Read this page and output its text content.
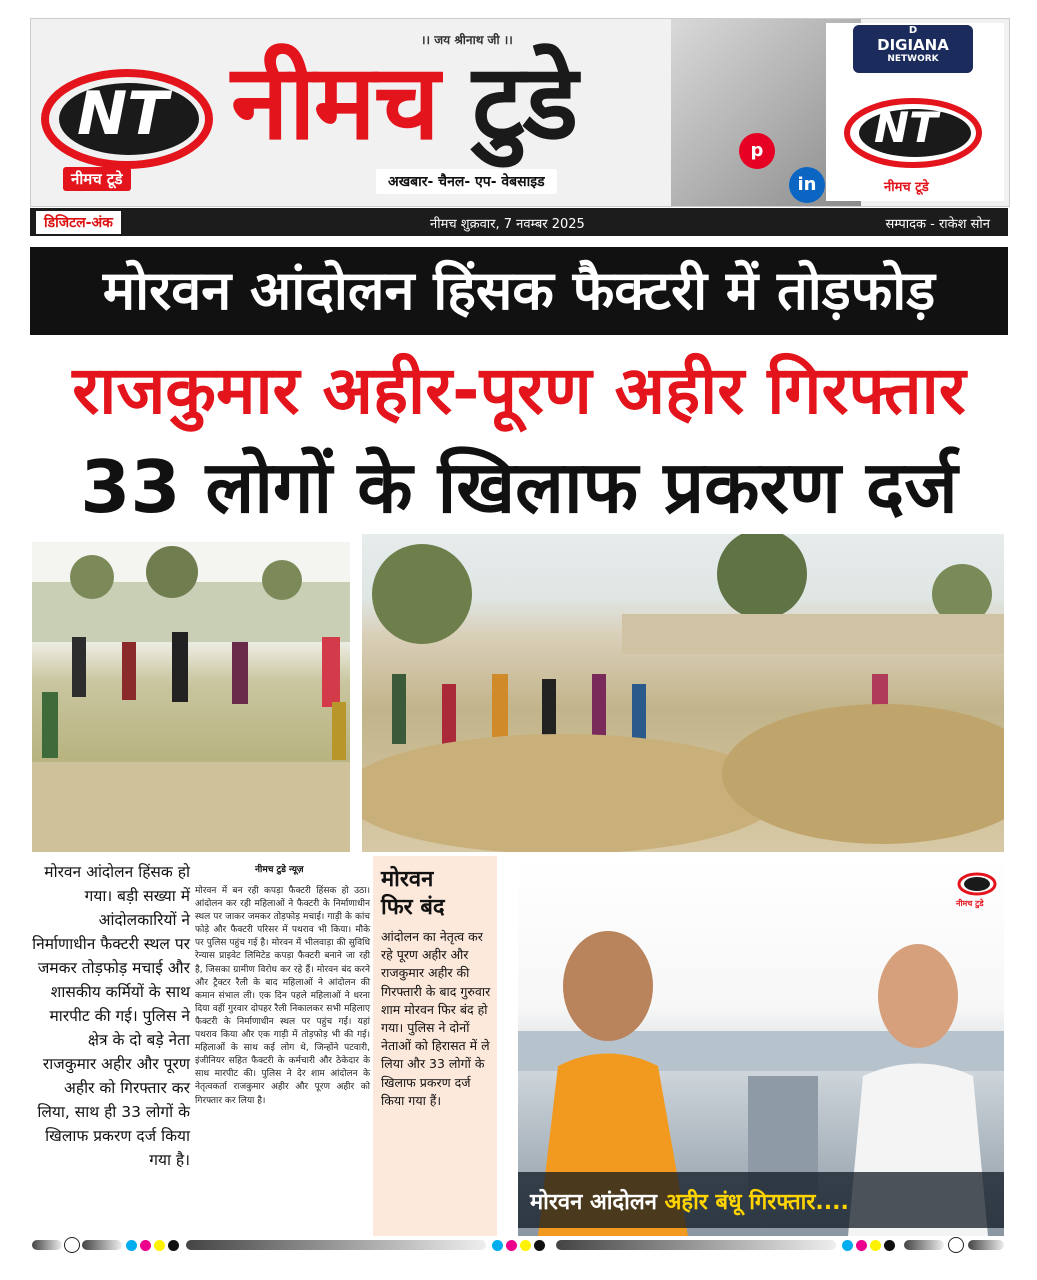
NT
नीमच टूडे
।। जय श्रीनाथ जी ।।
नीमच टुडे
अखबार- चैनल- एप- वेबसाइड
p
in
D
DIGIANA
NETWORK
NT
नीमच टूडे
डिजिटल-अंक	नीमच शुक्रवार, 7 नवम्बर 2025	सम्पादक - राकेश सोन
मोरवन आंदोलन हिंसक फैक्टरी में तोड़फोड़
राजकुमार अहीर-पूरण अहीर गिरफ्तार
33 लोगों के खिलाफ प्रकरण दर्ज
मोरवन आंदोलन हिंसक हो गया। बड़ी सख्या में आंदोलकारियों ने निर्माणाधीन फैक्टरी स्थल पर जमकर तोड़फोड़ मचाई और शासकीय कर्मियों के साथ मारपीट की गई। पुलिस ने क्षेत्र के दो बड़े नेता राजकुमार अहीर और पूरण अहीर को गिरफ्तार कर लिया, साथ ही 33 लोगों के खिलाफ प्रकरण दर्ज किया गया है।
नीमच टुडे न्यूज़
मोरवन में बन रही कपड़ा फैक्टरी हिंसक हो उठा। आंदोलन कर रही महिलाओं ने फैक्टरी के निर्माणाधीन स्थल पर जाकर जमकर तोड़फोड़ मचाई। गाड़ी के कांच फोड़े और फैक्टरी परिसर में पथराव भी किया। मौके पर पुलिस पहुंच गई है। मोरवन में भीलवाड़ा की सुविधि रेन्यास प्राइवेट लिमिटेड कपड़ा फैक्टरी बनाने जा रही है, जिसका ग्रामीण विरोध कर रहे हैं। मोरवन बंद करने और ट्रैक्टर रैली के बाद महिलाओं ने आंदोलन की कमान संभाल ली। एक दिन पहले महिलाओं ने धरना दिया वहीं गुरवार दोपहर रैली निकालकर सभी महिलाए फैक्टरी के निर्माणाधीन स्थल पर पहुंच गई। यहां पथराव किया और एक गाड़ी में तोड़फोड़ भी की गई। महिलाओं के साथ कई लोग थे, जिन्होंने पटवारी, इंजीनियर सहित फैक्टरी के कर्मचारी और ठेकेदार के साथ मारपीट की। पुलिस ने देर शाम आंदोलन के नेतृत्वकर्ता राजकुमार अहीर और पूरण अहीर को गिरफ्तार कर लिया है।
मोरवन
फिर बंद
आंदोलन का नेतृत्व कर रहे पूरण अहीर और राजकुमार अहीर की गिरफ्तारी के बाद गुरुवार शाम मोरवन फिर बंद हो गया। पुलिस ने दोनों नेताओं को हिरासत में ले लिया और 33 लोगों के खिलाफ प्रकरण दर्ज किया गया हैं।
नीमच टुडे
मोरवन आंदोलन अहीर बंधू गिरफ्तार....
